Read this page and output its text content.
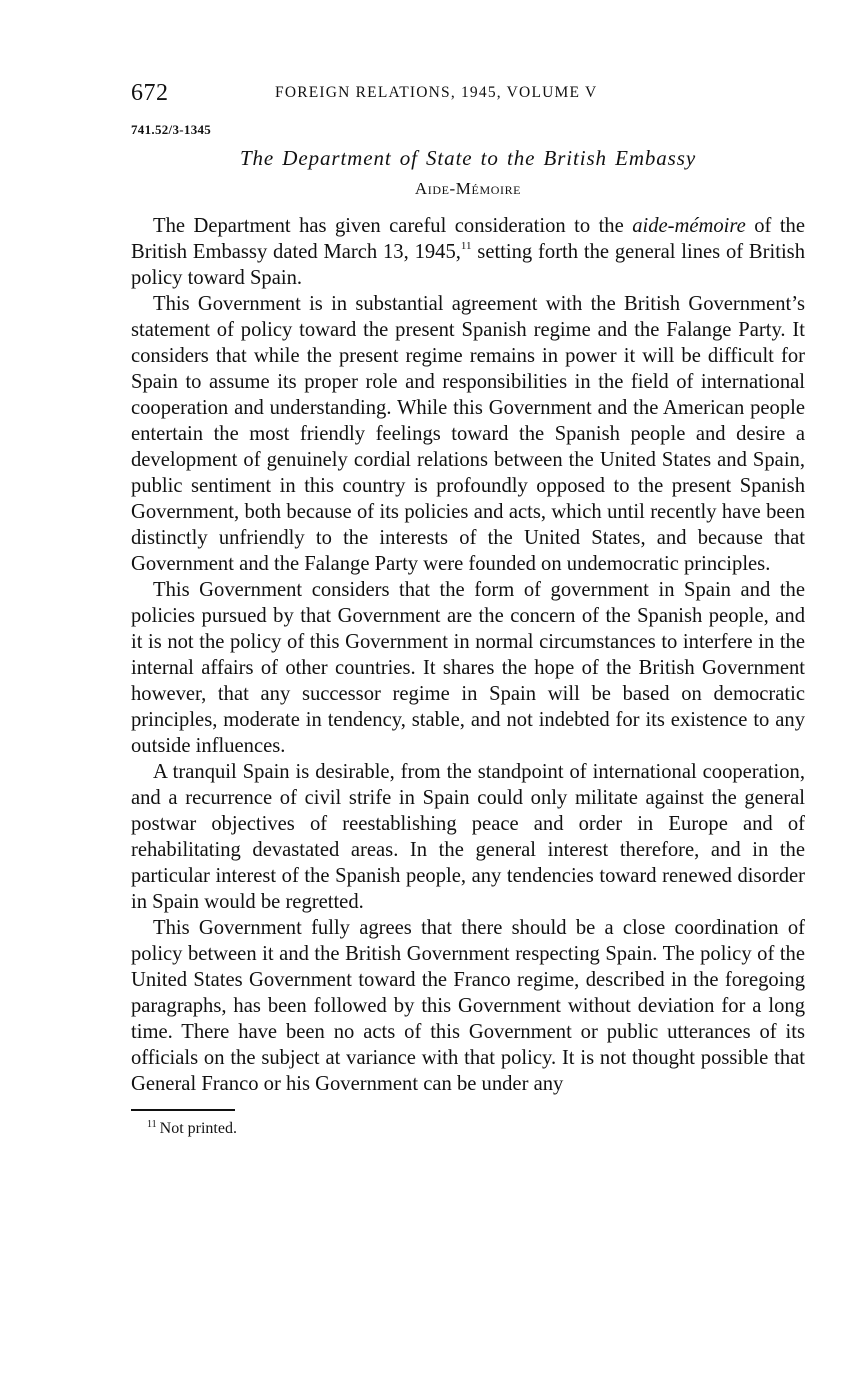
672	FOREIGN RELATIONS, 1945, VOLUME V
741.52/3-1345
The Department of State to the British Embassy
Aide-Mémoire

The Department has given careful consideration to the aide-mémoire of the British Embassy dated March 13, 1945,11 setting forth the general lines of British policy toward Spain.

This Government is in substantial agreement with the British Government’s statement of policy toward the present Spanish regime and the Falange Party. It considers that while the present regime remains in power it will be difficult for Spain to assume its proper role and responsibilities in the field of international cooperation and understanding. While this Government and the American people entertain the most friendly feelings toward the Spanish people and desire a development of genuinely cordial relations between the United States and Spain, public sentiment in this country is profoundly opposed to the present Spanish Government, both because of its policies and acts, which until recently have been distinctly unfriendly to the interests of the United States, and because that Government and the Falange Party were founded on undemocratic principles.

This Government considers that the form of government in Spain and the policies pursued by that Government are the concern of the Spanish people, and it is not the policy of this Government in normal circumstances to interfere in the internal affairs of other countries. It shares the hope of the British Government however, that any successor regime in Spain will be based on democratic principles, moderate in tendency, stable, and not indebted for its existence to any outside influences.

A tranquil Spain is desirable, from the standpoint of international cooperation, and a recurrence of civil strife in Spain could only militate against the general postwar objectives of reestablishing peace and order in Europe and of rehabilitating devastated areas. In the general interest therefore, and in the particular interest of the Spanish people, any tendencies toward renewed disorder in Spain would be regretted.

This Government fully agrees that there should be a close coordination of policy between it and the British Government respecting Spain. The policy of the United States Government toward the Franco regime, described in the foregoing paragraphs, has been followed by this Government without deviation for a long time. There have been no acts of this Government or public utterances of its officials on the subject at variance with that policy. It is not thought possible that General Franco or his Government can be under any

$^{11}$ Not printed.
